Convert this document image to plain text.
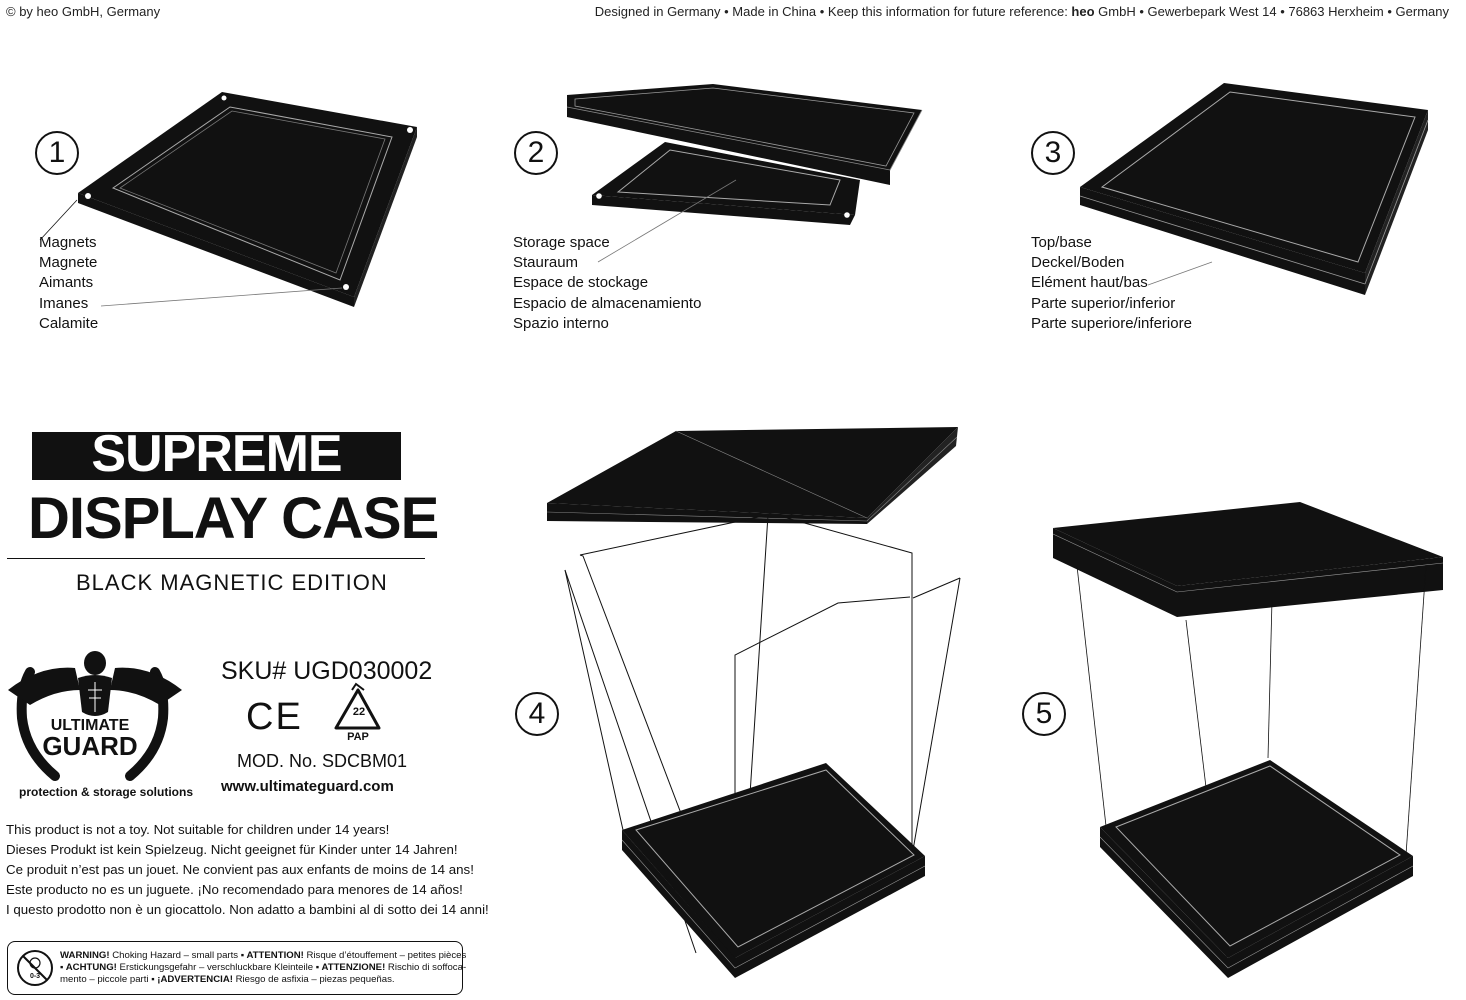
© by heo GmbH, Germany	Designed in Germany • Made in China • Keep this information for future reference: heo GmbH • Gewerbepark West 14 • 76863 Herxheim • Germany
1
Magnets
Magnete
Aimants
Imanes
Calamite
2
Storage space
Stauraum
Espace de stockage
Espacio de almacenamiento
Spazio interno
3
Top/base
Deckel/Boden
Elément haut/bas
Parte superior/inferior
Parte superiore/inferiore
SUPREME
DISPLAY CASE
BLACK MAGNETIC EDITION
ULTIMATE
GUARD
protection & storage solutions
SKU# UGD030002
CE	22
PAP
MOD. No. SDCBM01
www.ultimateguard.com
This product is not a toy. Not suitable for children under 14 years!
Dieses Produkt ist kein Spielzeug. Nicht geeignet für Kinder unter 14 Jahren!
Ce produit n’est pas un jouet. Ne convient pas aux enfants de moins de 14 ans!
Este producto no es un juguete. ¡No recomendado para menores de 14 años!
I questo prodotto non è un giocattolo. Non adatto a bambini al di sotto dei 14 anni!
0-3
WARNING! Choking Hazard – small parts ▪ ATTENTION! Risque d’étouffement – petites pièces
▪ ACHTUNG! Erstickungsgefahr – verschluckbare Kleinteile ▪ ATTENZIONE! Rischio di soffoca-
mento – piccole parti ▪ ¡ADVERTENCIA! Riesgo de asfixia – piezas pequeñas.
4	5
